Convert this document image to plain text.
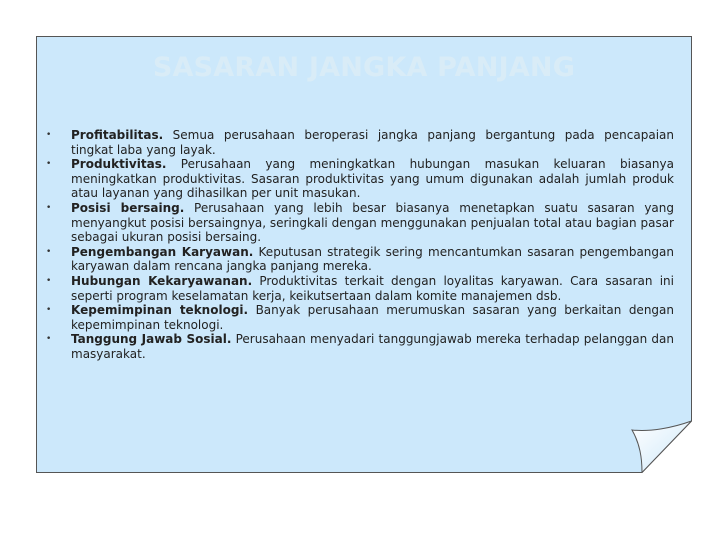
SASARAN JANGKA PANJANG
• Profitabilitas. Semua perusahaan beroperasi jangka panjang bergantung pada pencapaian tingkat laba yang layak.
• Produktivitas. Perusahaan yang meningkatkan hubungan masukan keluaran biasanya meningkatkan produktivitas. Sasaran produktivitas yang umum digunakan adalah jumlah produk atau layanan yang dihasilkan per unit masukan.
• Posisi bersaing. Perusahaan yang lebih besar biasanya menetapkan suatu sasaran yang menyangkut posisi bersaingnya, seringkali dengan menggunakan penjualan total atau bagian pasar sebagai ukuran posisi bersaing.
• Pengembangan Karyawan. Keputusan strategik sering mencantumkan sasaran pengembangan karyawan dalam rencana jangka panjang mereka.
• Hubungan Kekaryawanan. Produktivitas terkait dengan loyalitas karyawan. Cara sasaran ini seperti program keselamatan kerja, keikutsertaan dalam komite manajemen dsb.
• Kepemimpinan teknologi. Banyak perusahaan merumuskan sasaran yang berkaitan dengan kepemimpinan teknologi.
• Tanggung Jawab Sosial. Perusahaan menyadari tanggungjawab mereka terhadap pelanggan dan masyarakat.
